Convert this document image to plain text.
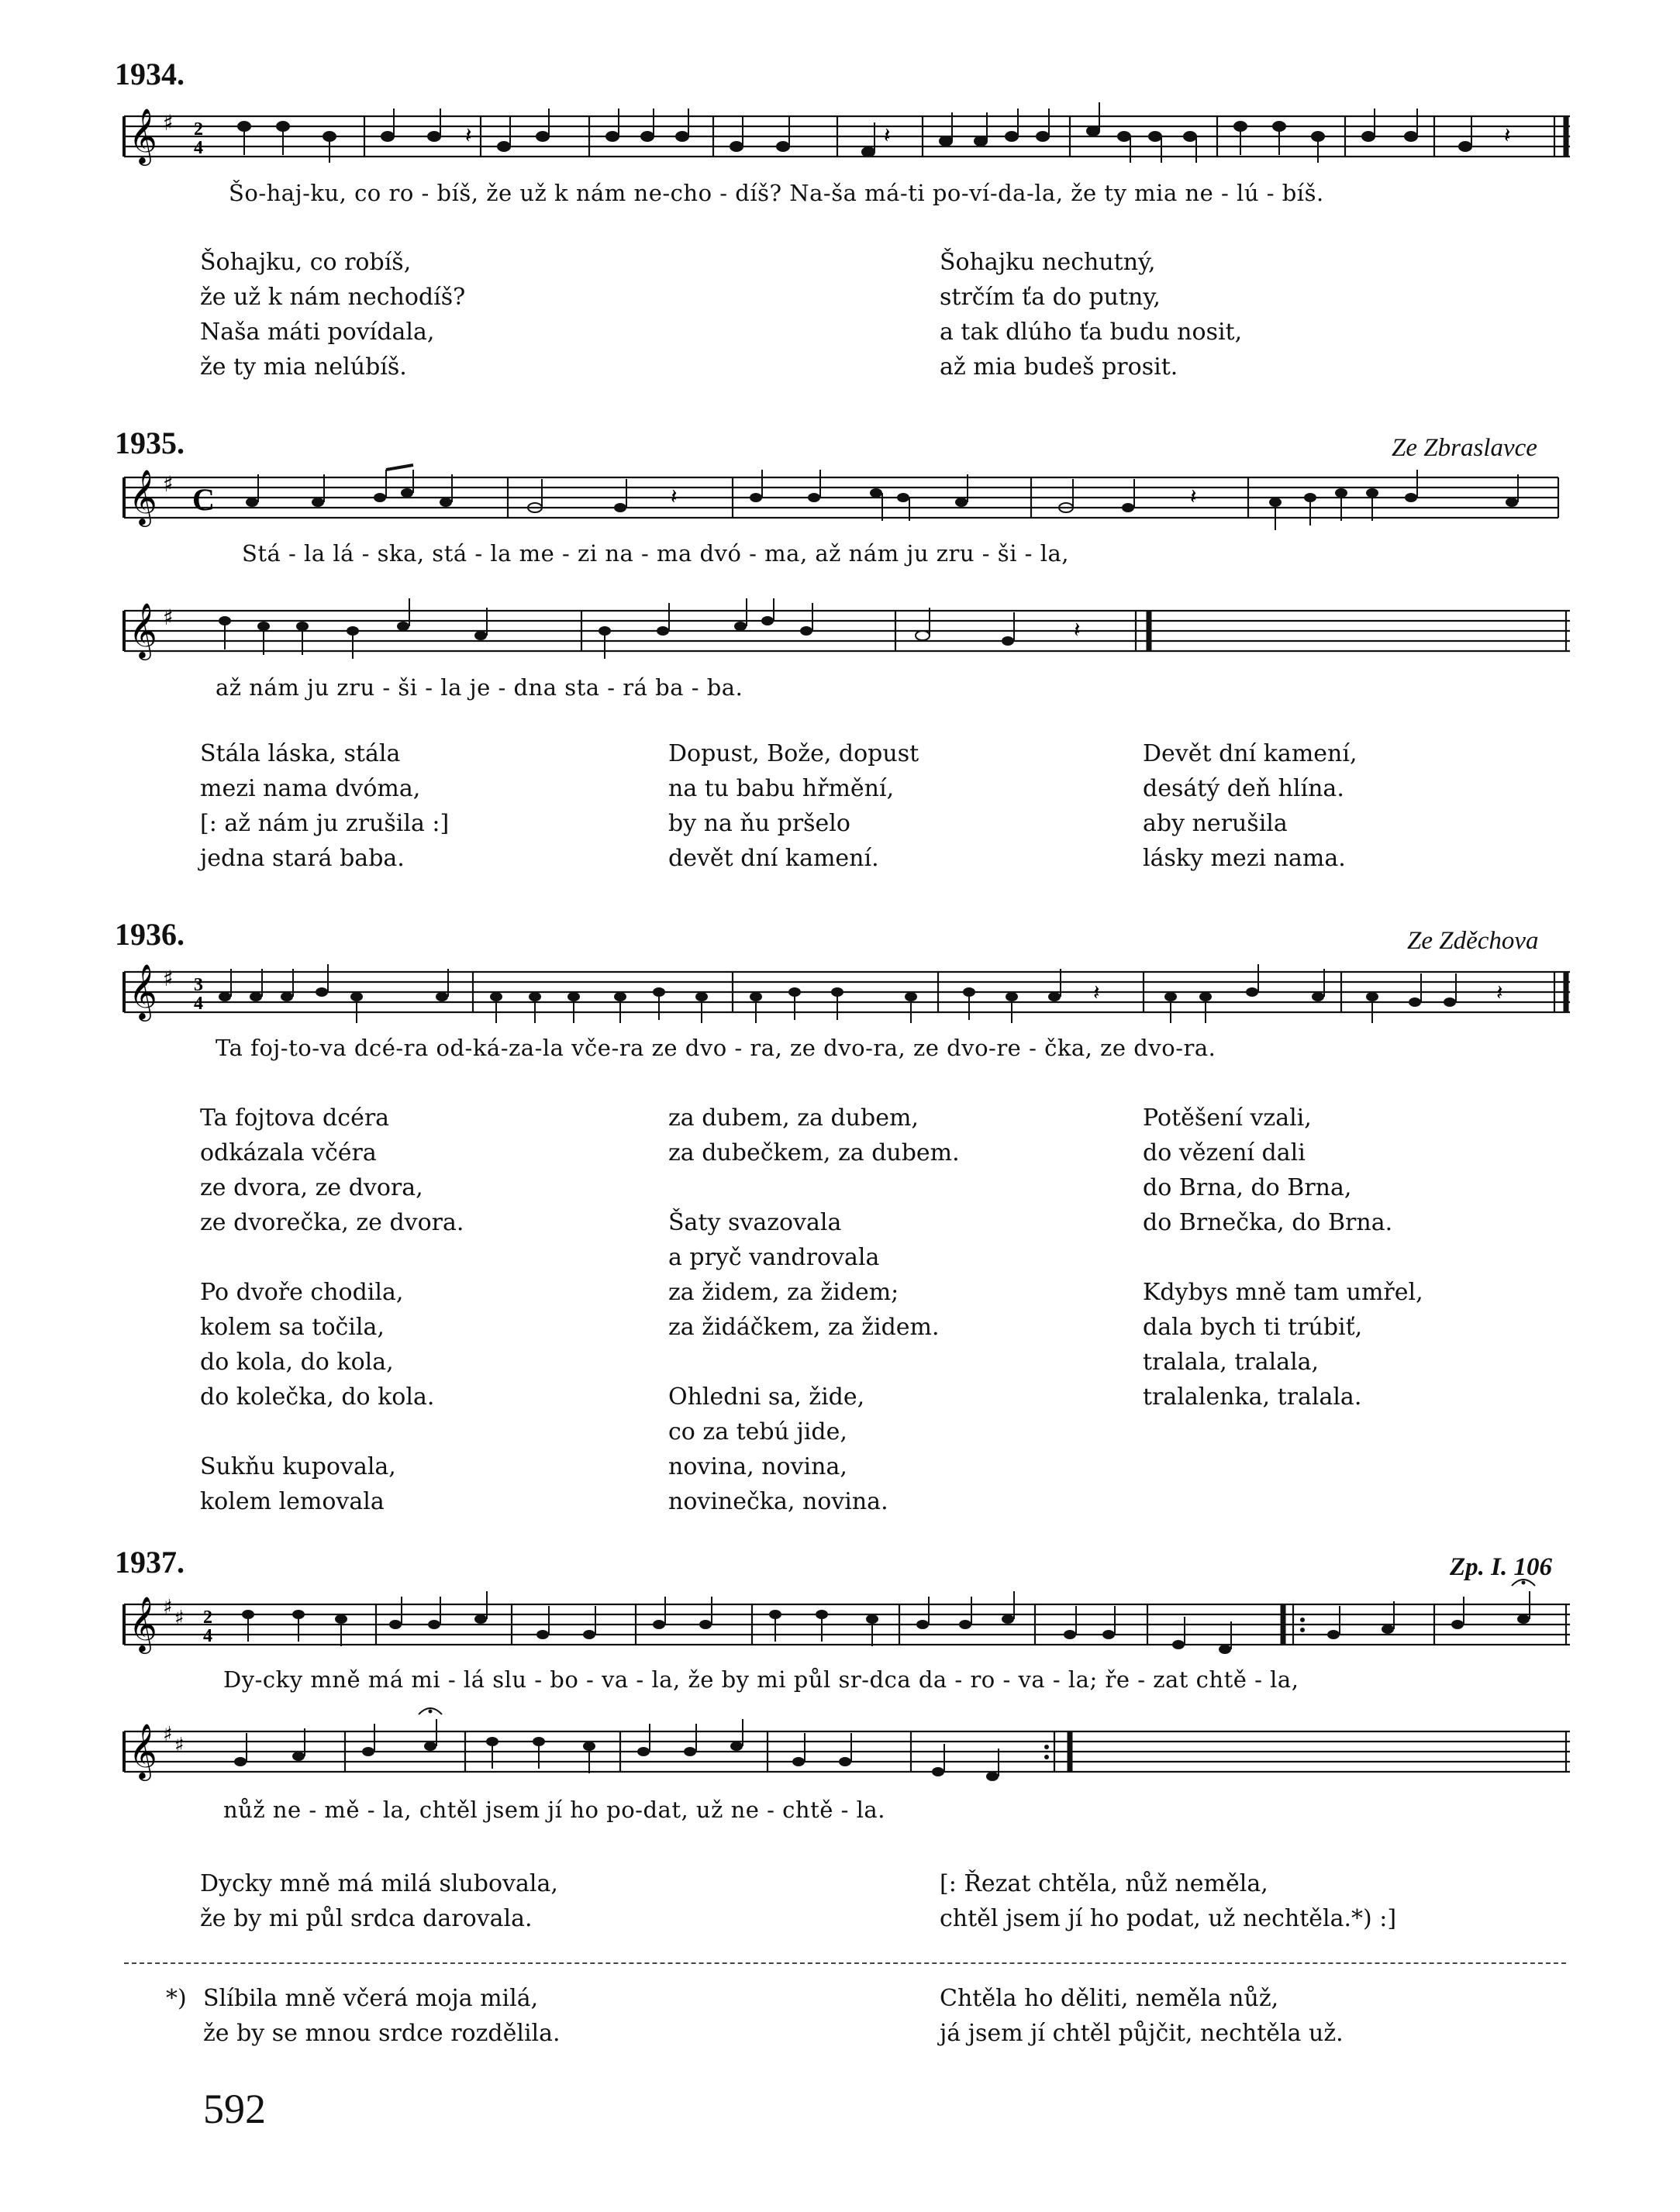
1934.
𝄞 ♯ 2
4	𝄽
𝄽
𝄽
Šo-haj-ku, co ro - bíš, že už k nám ne-cho - díš? Na-ša má-ti po-ví-da-la, že ty mia ne - lú - bíš.
Šohajku, co robíš,
že už k nám nechodíš?
Naša máti povídala,
že ty mia nelúbíš.
Šohajku nechutný,
strčím ťa do putny,
a tak dlúho ťa budu nosit,
až mia budeš prosit.
1935.	Ze Zbraslavce
𝄞 ♯ C	𝄽	𝄽
Stá - la lá - ska, stá - la me - zi na - ma dvó - ma, až nám ju zru - ši - la,
𝄞 ♯	𝄽
až nám ju zru - ši - la je - dna sta - rá ba - ba.
Stála láska, stála
mezi nama dvóma,
[: až nám ju zrušila :]
jedna stará baba.
Dopust, Bože, dopust
na tu babu hřmění,
by na ňu pršelo
devět dní kamení.
Devět dní kamení,
desátý deň hlína.
aby nerušila
lásky mezi nama.
1936.	Ze Zděchova
𝄞 ♯ 3
4	𝄽	𝄽
Ta foj-to-va dcé-ra od-ká-za-la vče-ra ze dvo - ra, ze dvo-ra, ze dvo-re - čka, ze dvo-ra.
Ta fojtova dcéra
odkázala včéra
ze dvora, ze dvora,
ze dvorečka, ze dvora.

Po dvoře chodila,
kolem sa točila,
do kola, do kola,
do kolečka, do kola.

Sukňu kupovala,
kolem lemovala
za dubem, za dubem,
za dubečkem, za dubem.

Šaty svazovala
a pryč vandrovala
za židem, za židem;
za židáčkem, za židem.

Ohledni sa, žide,
co za tebú jide,
novina, novina,
novinečka, novina.
Potěšení vzali,
do vězení dali
do Brna, do Brna,
do Brnečka, do Brna.

Kdybys mně tam umřel,
dala bych ti trúbiť,
tralala, tralala,
tralalenka, tralala.
1937.	Zp. I. 106
𝄞 ♯ ♯ 2
4
Dy-cky mně má mi - lá slu - bo - va - la, že by mi půl sr-dca da - ro - va - la; ře - zat chtě - la,
𝄞 ♯ ♯
nůž ne - mě - la, chtěl jsem jí ho po-dat, už ne - chtě - la.
Dycky mně má milá slubovala,
že by mi půl srdca darovala.
[: Řezat chtěla, nůž neměla,
chtěl jsem jí ho podat, už nechtěla.*) :]
*) Slíbila mně včerá moja milá,
že by se mnou srdce rozdělila.
Chtěla ho děliti, neměla nůž,
já jsem jí chtěl půjčit, nechtěla už.
592
